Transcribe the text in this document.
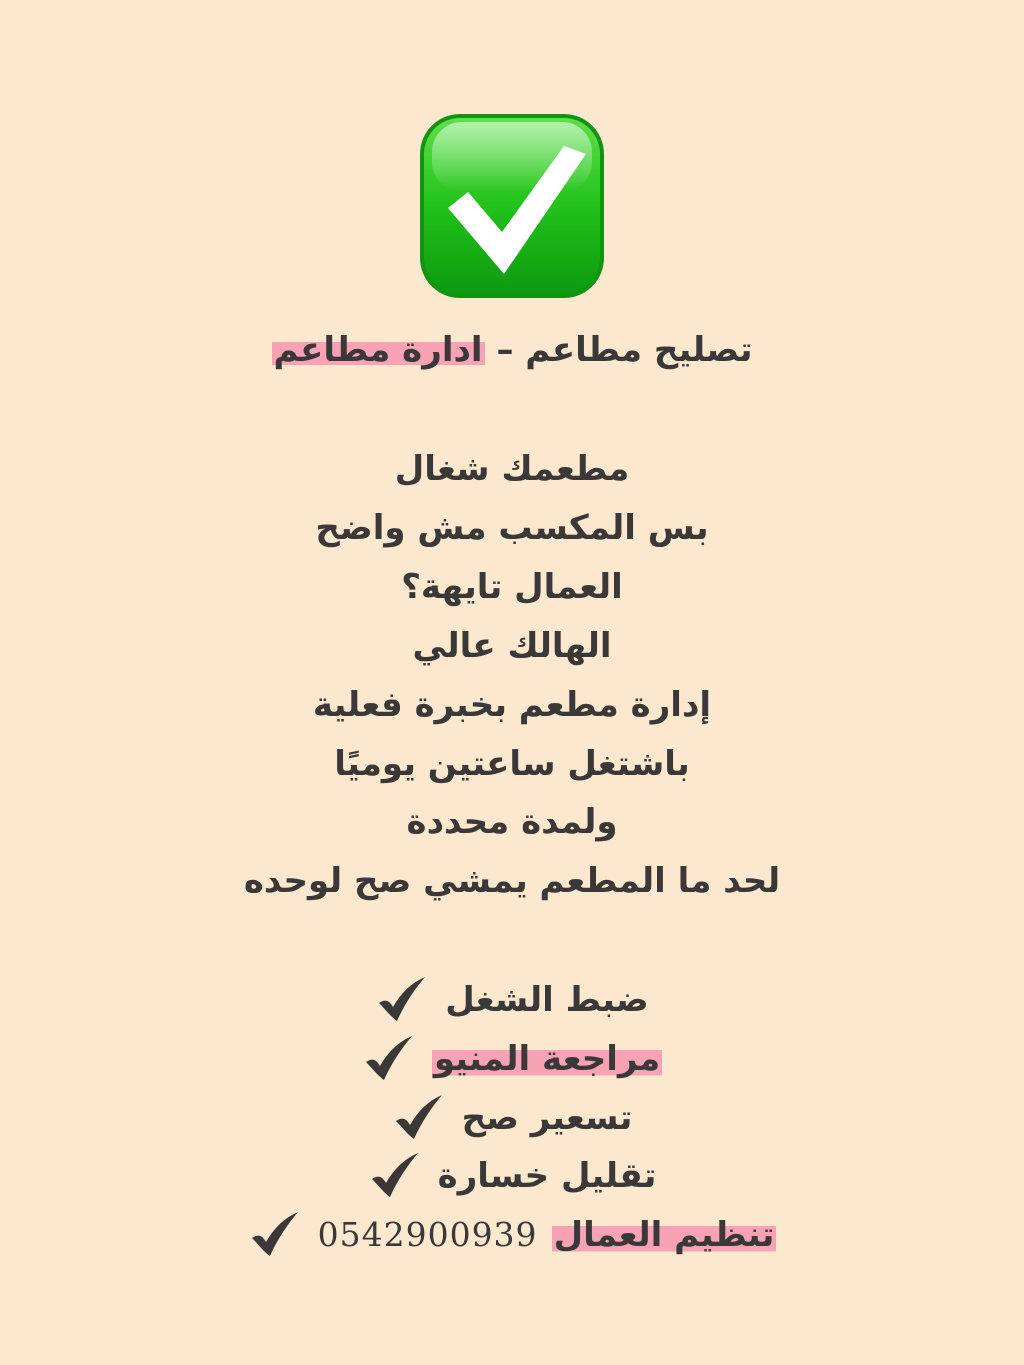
تصليح مطاعم – ادارة مطاعم
مطعمك شغال
بس المكسب مش واضح
العمال تايهة؟
الهالك عالي
إدارة مطعم بخبرة فعلية
باشتغل ساعتين يوميًا
ولمدة محددة
لحد ما المطعم يمشي صح لوحده
ضبط الشغل
مراجعة المنيو
تسعير صح
تقليل خسارة
0542900939 تنظيم العمال
